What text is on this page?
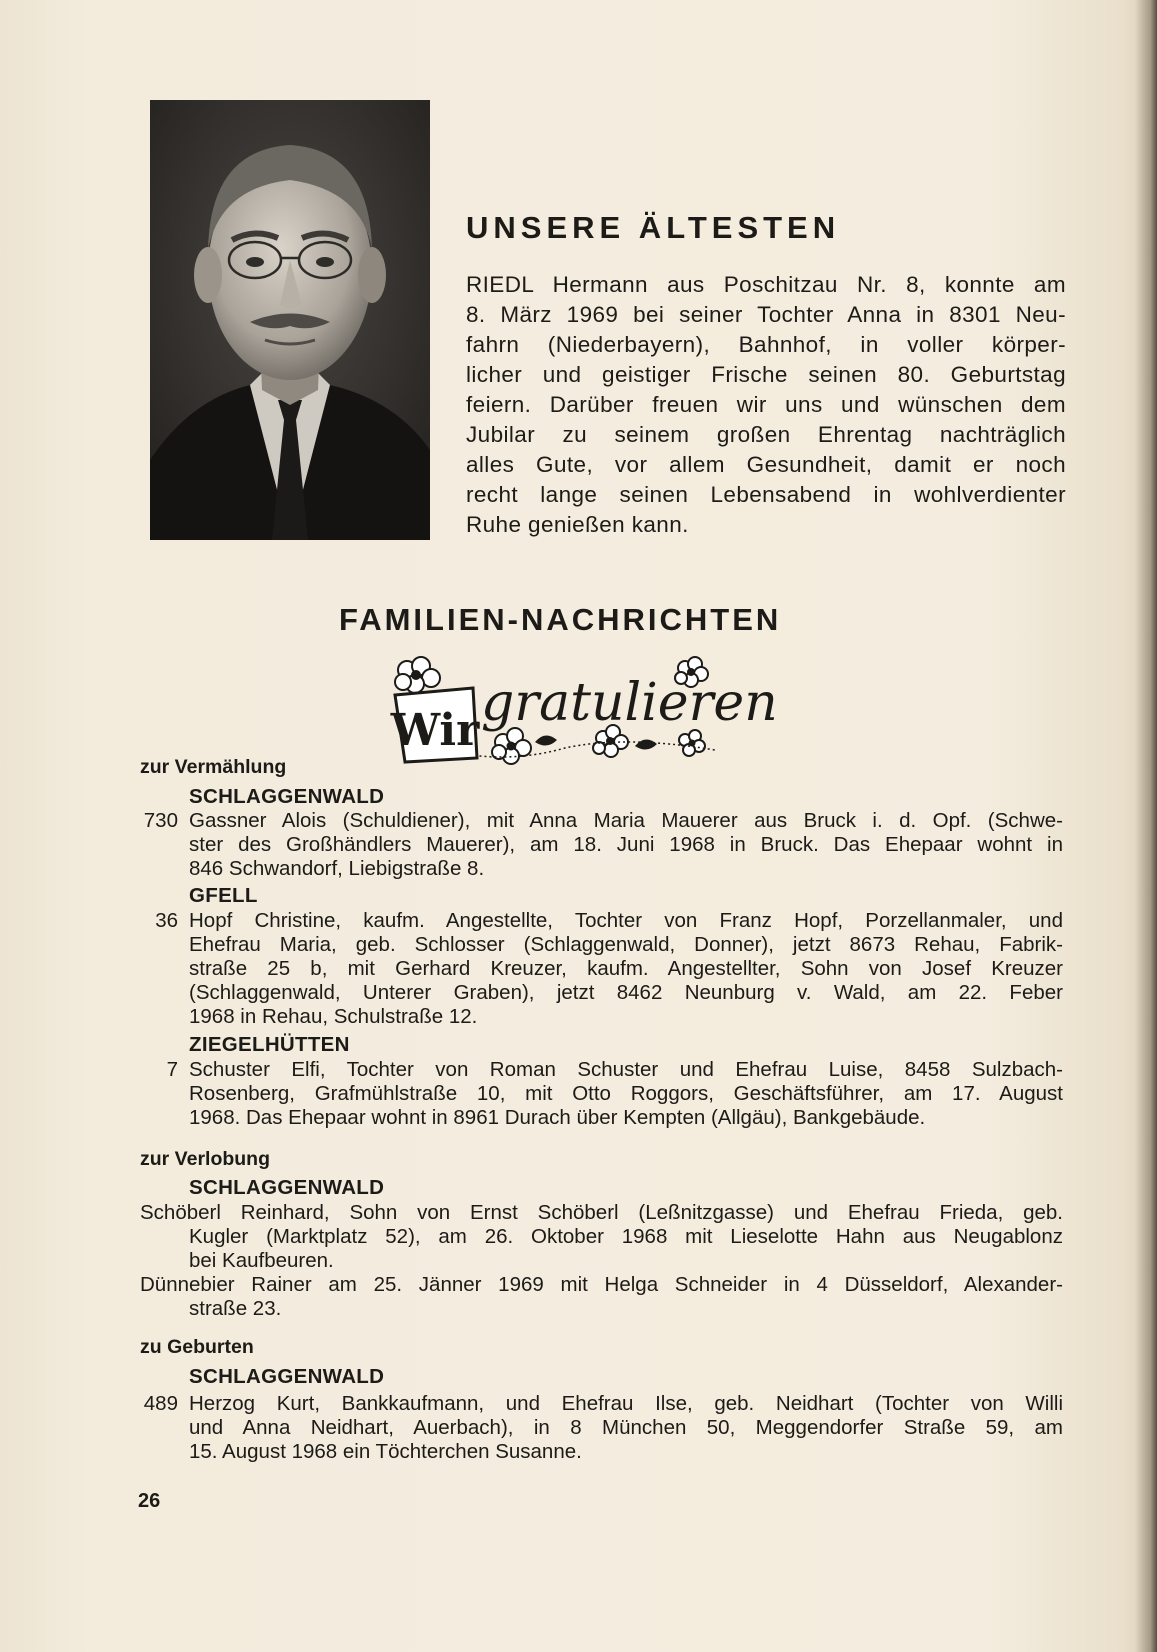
UNSERE ÄLTESTEN
RIEDL Hermann aus Poschitzau Nr. 8, konnte am
8. März 1969 bei seiner Tochter Anna in 8301 Neu-
fahrn (Niederbayern), Bahnhof, in voller körper-
licher und geistiger Frische seinen 80. Geburtstag
feiern. Darüber freuen wir uns und wünschen dem
Jubilar zu seinem großen Ehrentag nachträglich
alles Gute, vor allem Gesundheit, damit er noch
recht lange seinen Lebensabend in wohlverdienter
Ruhe genießen kann.
FAMILIEN-NACHRICHTEN
Wir gratulieren
zur Vermählung
SCHLAGGENWALD
730 Gassner Alois (Schuldiener), mit Anna Maria Mauerer aus Bruck i. d. Opf. (Schwe-
ster des Großhändlers Mauerer), am 18. Juni 1968 in Bruck. Das Ehepaar wohnt in
846 Schwandorf, Liebigstraße 8.
GFELL
36 Hopf Christine, kaufm. Angestellte, Tochter von Franz Hopf, Porzellanmaler, und
Ehefrau Maria, geb. Schlosser (Schlaggenwald, Donner), jetzt 8673 Rehau, Fabrik-
straße 25 b, mit Gerhard Kreuzer, kaufm. Angestellter, Sohn von Josef Kreuzer
(Schlaggenwald, Unterer Graben), jetzt 8462 Neunburg v. Wald, am 22. Feber
1968 in Rehau, Schulstraße 12.
ZIEGELHÜTTEN
7 Schuster Elfi, Tochter von Roman Schuster und Ehefrau Luise, 8458 Sulzbach-
Rosenberg, Grafmühlstraße 10, mit Otto Roggors, Geschäftsführer, am 17. August
1968. Das Ehepaar wohnt in 8961 Durach über Kempten (Allgäu), Bankgebäude.
zur Verlobung
SCHLAGGENWALD
Schöberl Reinhard, Sohn von Ernst Schöberl (Leßnitzgasse) und Ehefrau Frieda, geb.
Kugler (Marktplatz 52), am 26. Oktober 1968 mit Lieselotte Hahn aus Neugablonz
bei Kaufbeuren.
Dünnebier Rainer am 25. Jänner 1969 mit Helga Schneider in 4 Düsseldorf, Alexander-
straße 23.
zu Geburten
SCHLAGGENWALD
489 Herzog Kurt, Bankkaufmann, und Ehefrau Ilse, geb. Neidhart (Tochter von Willi
und Anna Neidhart, Auerbach), in 8 München 50, Meggendorfer Straße 59, am
15. August 1968 ein Töchterchen Susanne.
26
